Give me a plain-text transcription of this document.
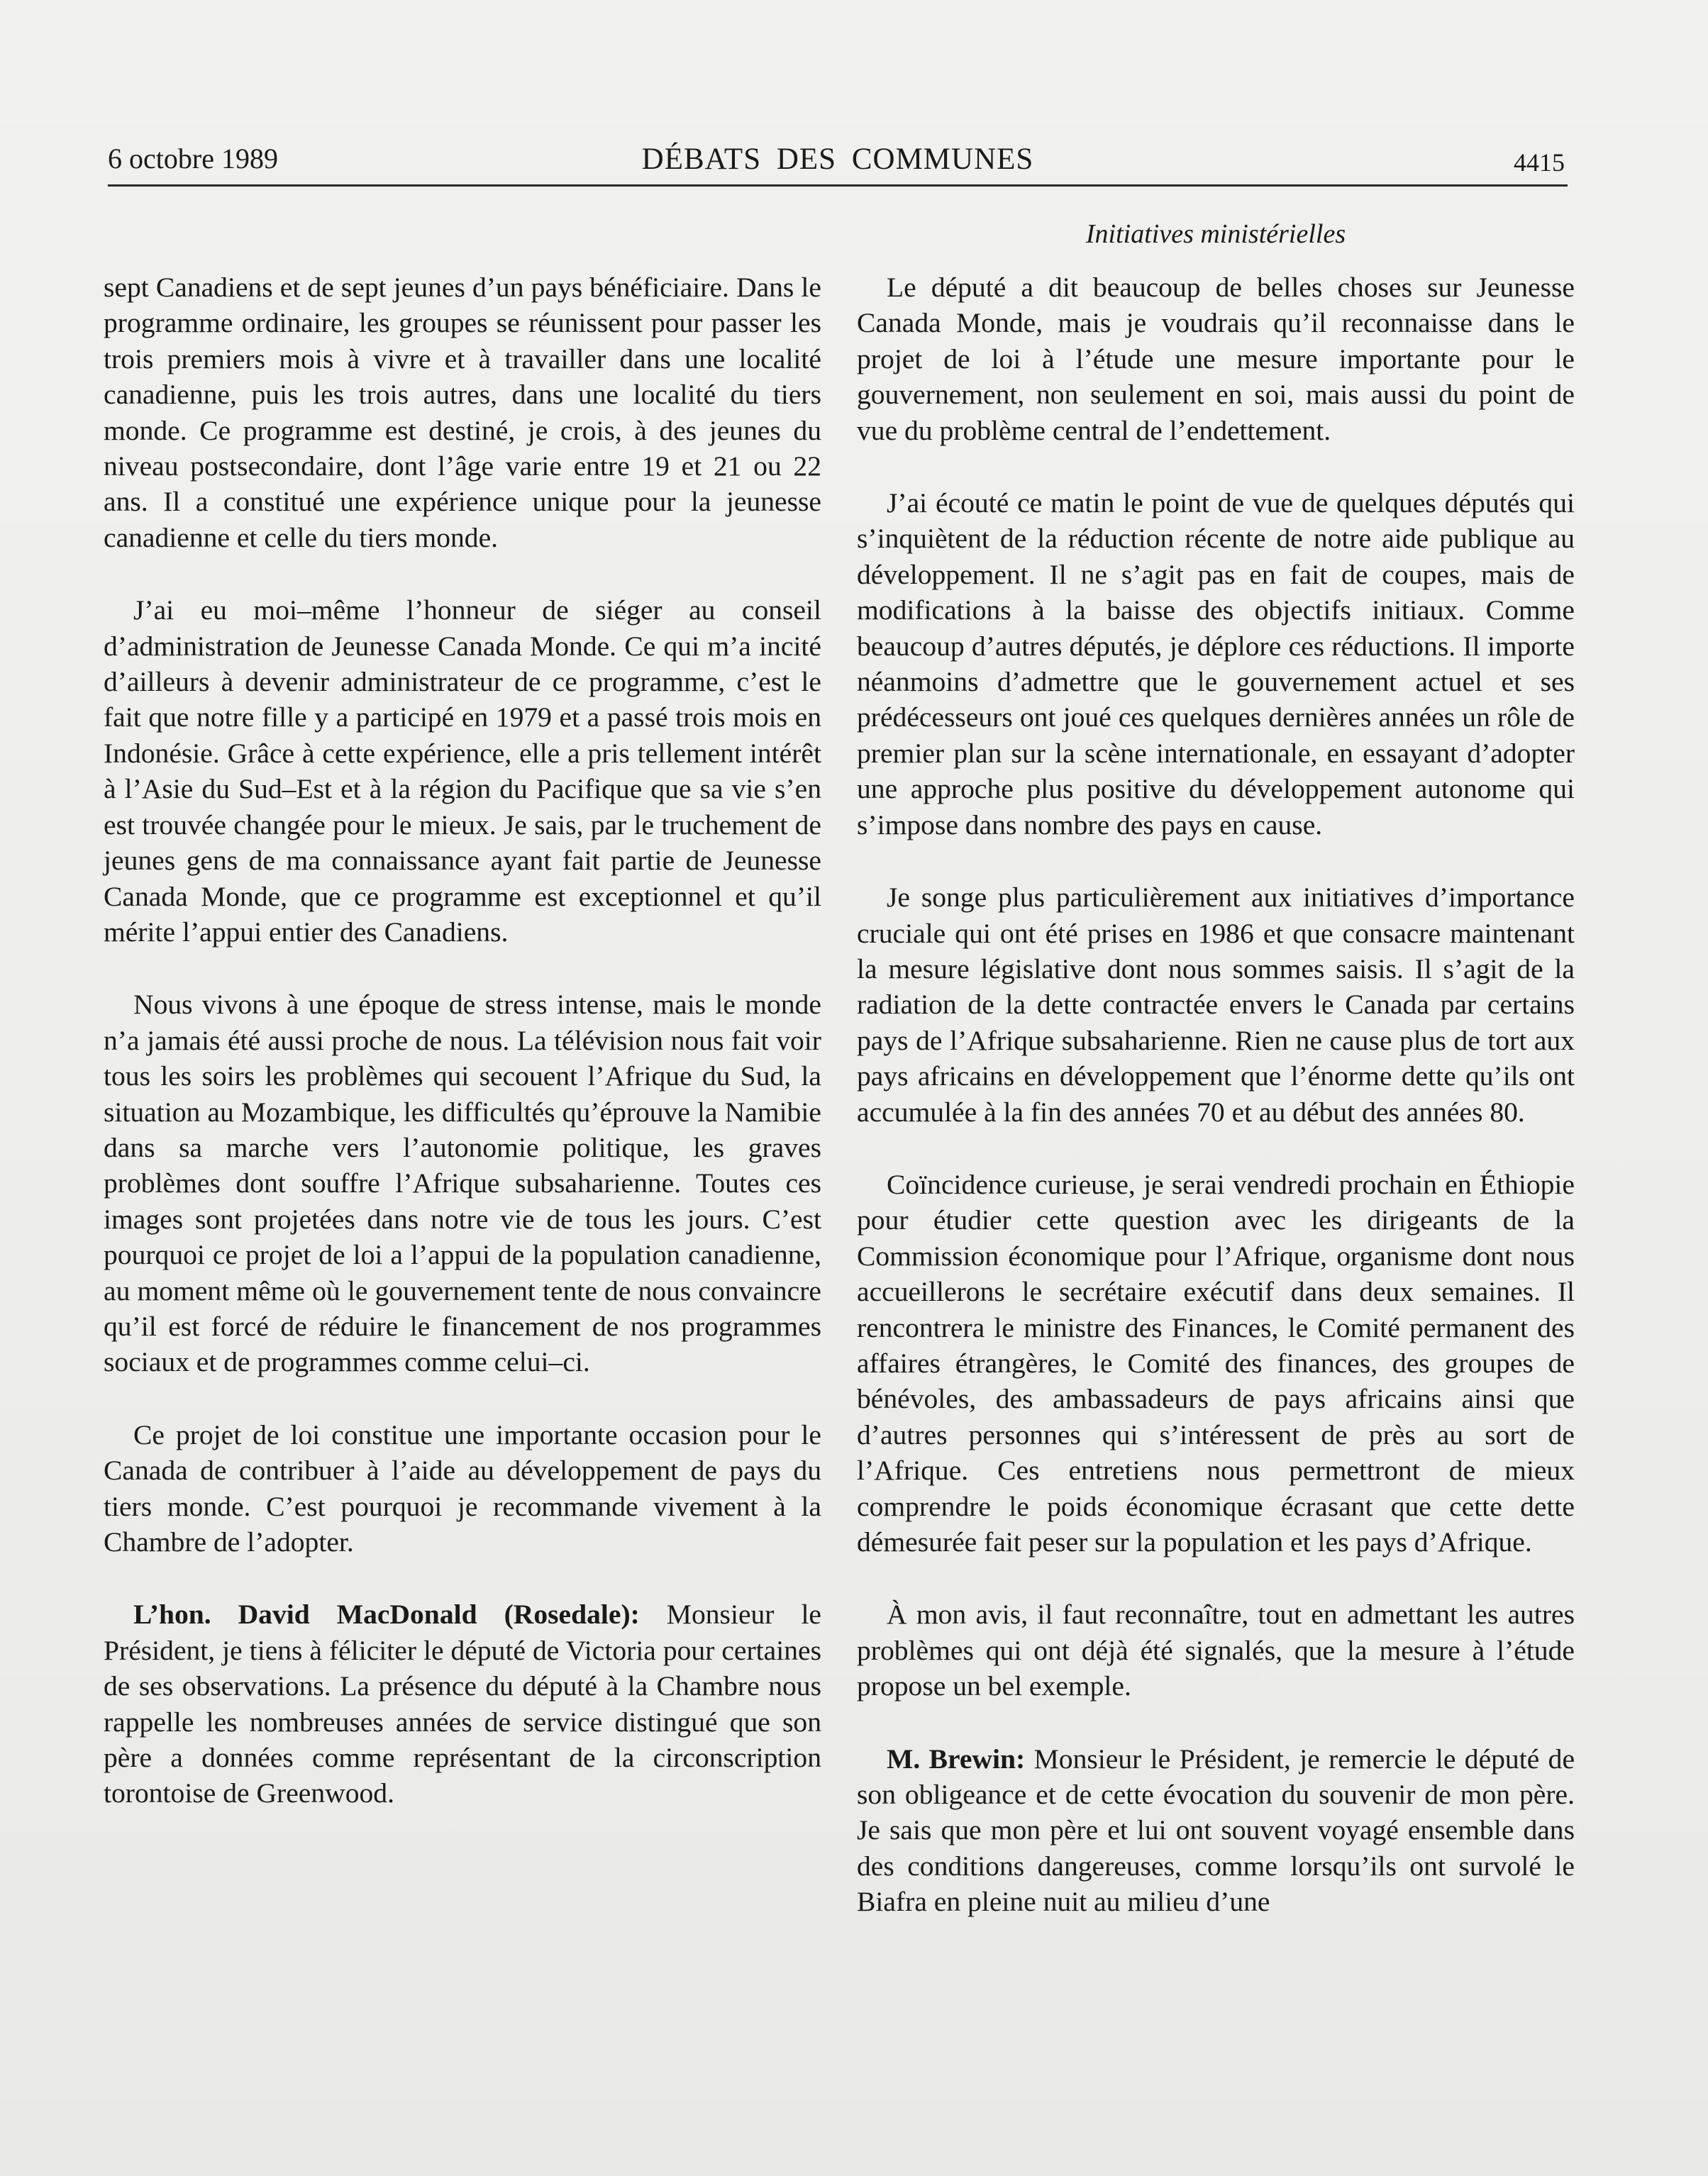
6 octobre 1989	DÉBATS DES COMMUNES	4415
Initiatives ministérielles

sept Canadiens et de sept jeunes d’un pays bénéficiaire. Dans le programme ordinaire, les groupes se réunissent pour passer les trois premiers mois à vivre et à travailler dans une localité canadienne, puis les trois autres, dans une localité du tiers monde. Ce programme est destiné, je crois, à des jeunes du niveau postsecondaire, dont l’âge varie entre 19 et 21 ou 22 ans. Il a constitué une expérience unique pour la jeunesse canadienne et celle du tiers monde.

J’ai eu moi–même l’honneur de siéger au conseil d’administration de Jeunesse Canada Monde. Ce qui m’a incité d’ailleurs à devenir administrateur de ce programme, c’est le fait que notre fille y a participé en 1979 et a passé trois mois en Indonésie. Grâce à cette expérience, elle a pris tellement intérêt à l’Asie du Sud–Est et à la région du Pacifique que sa vie s’en est trouvée changée pour le mieux. Je sais, par le truchement de jeunes gens de ma connaissance ayant fait partie de Jeunesse Canada Monde, que ce programme est exceptionnel et qu’il mérite l’appui entier des Canadiens.

Nous vivons à une époque de stress intense, mais le monde n’a jamais été aussi proche de nous. La télévision nous fait voir tous les soirs les problèmes qui secouent l’Afrique du Sud, la situation au Mozambique, les difficultés qu’éprouve la Namibie dans sa marche vers l’autonomie politique, les graves problèmes dont souffre l’Afrique subsaharienne. Toutes ces images sont projetées dans notre vie de tous les jours. C’est pourquoi ce projet de loi a l’appui de la population canadienne, au moment même où le gouvernement tente de nous convaincre qu’il est forcé de réduire le financement de nos programmes sociaux et de programmes comme celui–ci.

Ce projet de loi constitue une importante occasion pour le Canada de contribuer à l’aide au développement de pays du tiers monde. C’est pourquoi je recommande vivement à la Chambre de l’adopter.

L’hon. David MacDonald (Rosedale): Monsieur le Président, je tiens à féliciter le député de Victoria pour certaines de ses observations. La présence du député à la Chambre nous rappelle les nombreuses années de service distingué que son père a données comme représentant de la circonscription torontoise de Greenwood.

Le député a dit beaucoup de belles choses sur Jeunesse Canada Monde, mais je voudrais qu’il reconnaisse dans le projet de loi à l’étude une mesure importante pour le gouvernement, non seulement en soi, mais aussi du point de vue du problème central de l’endettement.

J’ai écouté ce matin le point de vue de quelques députés qui s’inquiètent de la réduction récente de notre aide publique au développement. Il ne s’agit pas en fait de coupes, mais de modifications à la baisse des objectifs initiaux. Comme beaucoup d’autres députés, je déplore ces réductions. Il importe néanmoins d’admettre que le gouvernement actuel et ses prédécesseurs ont joué ces quelques dernières années un rôle de premier plan sur la scène internationale, en essayant d’adopter une approche plus positive du développement autonome qui s’impose dans nombre des pays en cause.

Je songe plus particulièrement aux initiatives d’importance cruciale qui ont été prises en 1986 et que consacre maintenant la mesure législative dont nous sommes saisis. Il s’agit de la radiation de la dette contractée envers le Canada par certains pays de l’Afrique subsaharienne. Rien ne cause plus de tort aux pays africains en développement que l’énorme dette qu’ils ont accumulée à la fin des années 70 et au début des années 80.

Coïncidence curieuse, je serai vendredi prochain en Éthiopie pour étudier cette question avec les dirigeants de la Commission économique pour l’Afrique, organisme dont nous accueillerons le secrétaire exécutif dans deux semaines. Il rencontrera le ministre des Finances, le Comité permanent des affaires étrangères, le Comité des finances, des groupes de bénévoles, des ambassadeurs de pays africains ainsi que d’autres personnes qui s’intéressent de près au sort de l’Afrique. Ces entretiens nous permettront de mieux comprendre le poids économique écrasant que cette dette démesurée fait peser sur la population et les pays d’Afrique.

À mon avis, il faut reconnaître, tout en admettant les autres problèmes qui ont déjà été signalés, que la mesure à l’étude propose un bel exemple.

M. Brewin: Monsieur le Président, je remercie le député de son obligeance et de cette évocation du souvenir de mon père. Je sais que mon père et lui ont souvent voyagé ensemble dans des conditions dangereuses, comme lorsqu’ils ont survolé le Biafra en pleine nuit au milieu d’une
